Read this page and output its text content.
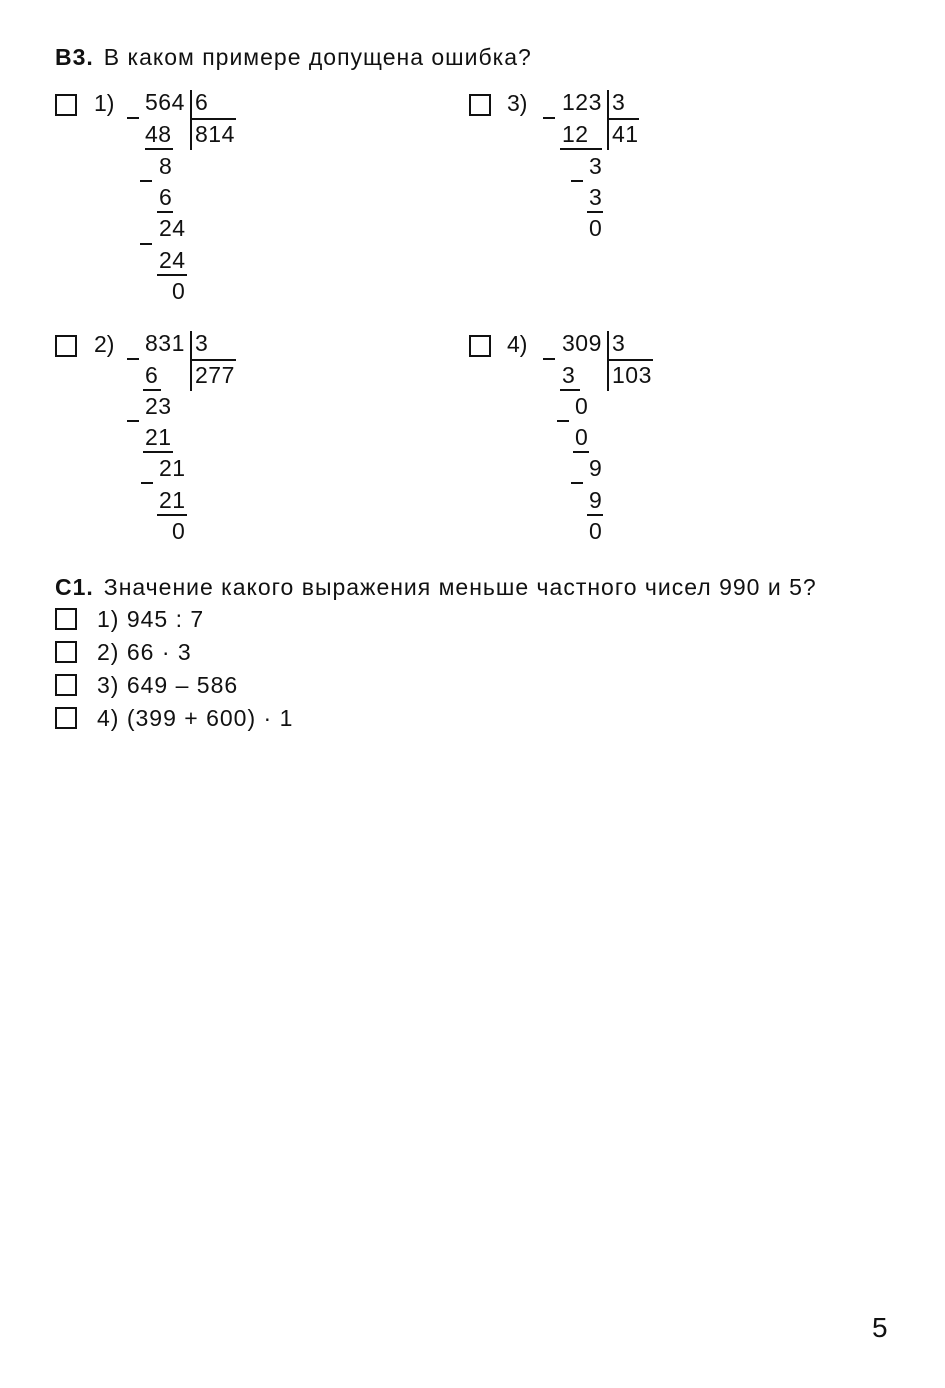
B3. В каком примере допущена ошибка?
1) 564 6
814
48
8
6
24
24
0
3) 123 3
41
12
3
3
0
2) 831 3
277
6
23
21
21
21
0
4) 309 3
103
3
0
0
9
9
0
C1. Значение какого выражения меньше частного чисел 990 и 5?
1) 945 : 7
2) 66 · 3
3) 649 – 586
4) (399 + 600) · 1
5
